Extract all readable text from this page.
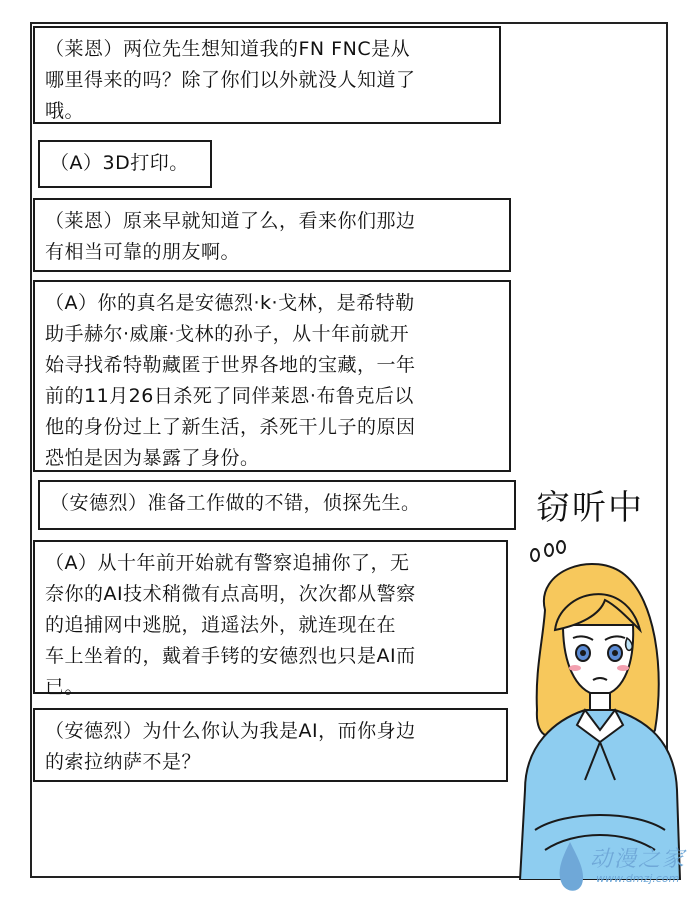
（莱恩）两位先生想知道我的FN FNC是从
哪里得来的吗？除了你们以外就没人知道了
哦。
（A）3D打印。
（莱恩）原来早就知道了么，看来你们那边
有相当可靠的朋友啊。
（A）你的真名是安德烈·k·戈林，是希特勒
助手赫尔·威廉·戈林的孙子，从十年前就开
始寻找希特勒藏匿于世界各地的宝藏，一年
前的11月26日杀死了同伴莱恩·布鲁克后以
他的身份过上了新生活，杀死干儿子的原因
恐怕是因为暴露了身份。
（安德烈）准备工作做的不错，侦探先生。
（A）从十年前开始就有警察追捕你了，无
奈你的AI技术稍微有点高明，次次都从警察
的追捕网中逃脱，逍遥法外，就连现在在
车上坐着的，戴着手铐的安德烈也只是AI而
已。
（安德烈）为什么你认为我是AI，而你身边
的索拉纳萨不是？
窃听中
动漫之家
www.dmzj.com
